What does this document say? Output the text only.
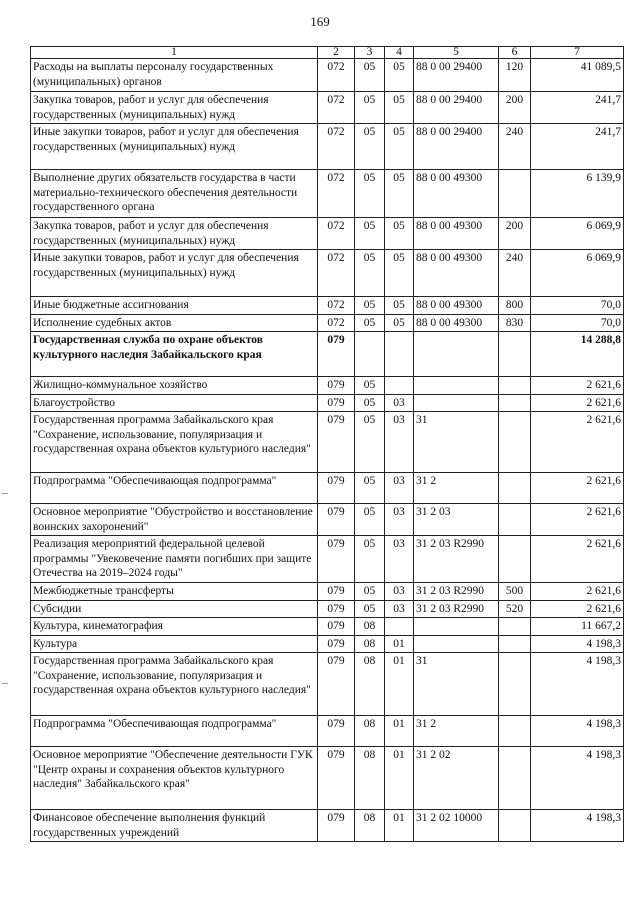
169
1	2	3	4	5	6	7
Расходы на выплаты персоналу государственных (муниципальных) органов	072	05	05	88 0 00 29400	120	41 089,5
Закупка товаров, работ и услуг для обеспечения государственных (муниципальных) нужд	072	05	05	88 0 00 29400	200	241,7
Иные закупки товаров, работ и услуг для обеспечения государственных (муниципальных) нужд	072	05	05	88 0 00 29400	240	241,7
Выполнение других обязательств государства в части материально-технического обеспечения деятельности государственного органа	072	05	05	88 0 00 49300		6 139,9
Закупка товаров, работ и услуг для обеспечения государственных (муниципальных) нужд	072	05	05	88 0 00 49300	200	6 069,9
Иные закупки товаров, работ и услуг для обеспечения государственных (муниципальных) нужд	072	05	05	88 0 00 49300	240	6 069,9
Иные бюджетные ассигнования	072	05	05	88 0 00 49300	800	70,0
Исполнение судебных актов	072	05	05	88 0 00 49300	830	70,0
Государственная служба по охране объектов культурного наследия Забайкальского края	079					14 288,8
Жилищно-коммунальное хозяйство	079	05				2 621,6
Благоустройство	079	05	03			2 621,6
Государственная программа Забайкальского края "Сохранение, использование, популяризация и государственная охрана объектов культуриого наследия"	079	05	03	31		2 621,6
Подпрограмма "Обеспечивающая подпрограмма"	079	05	03	31 2		2 621,6
Основное мероприятие "Обустройство и восстановление воинских захоронений"	079	05	03	31 2 03		2 621,6
Реализация мероприятий федеральной целевой программы "Увековечение памяти погибших при защите Отечества на 2019–2024 годы"	079	05	03	31 2 03 R2990		2 621,6
Межбюджетные трансферты	079	05	03	31 2 03 R2990	500	2 621,6
Субсидии	079	05	03	31 2 03 R2990	520	2 621,6
Культура, кинематография	079	08				11 667,2
Культура	079	08	01			4 198,3
Государственная программа Забайкальского края "Сохранение, использование, популяризация и государственная охрана объектов культурного наследия"	079	08	01	31		4 198,3
Подпрограмма "Обеспечивающая подпрограмма"	079	08	01	31 2		4 198,3
Основное мероприятие "Обеспечение деятельности ГУК "Центр охраны и сохранения объектов культурного наследия" Забайкальского края"	079	08	01	31 2 02		4 198,3
Финансовое обеспечение выполнения функций государственных учреждений	079	08	01	31 2 02 10000		4 198,3
